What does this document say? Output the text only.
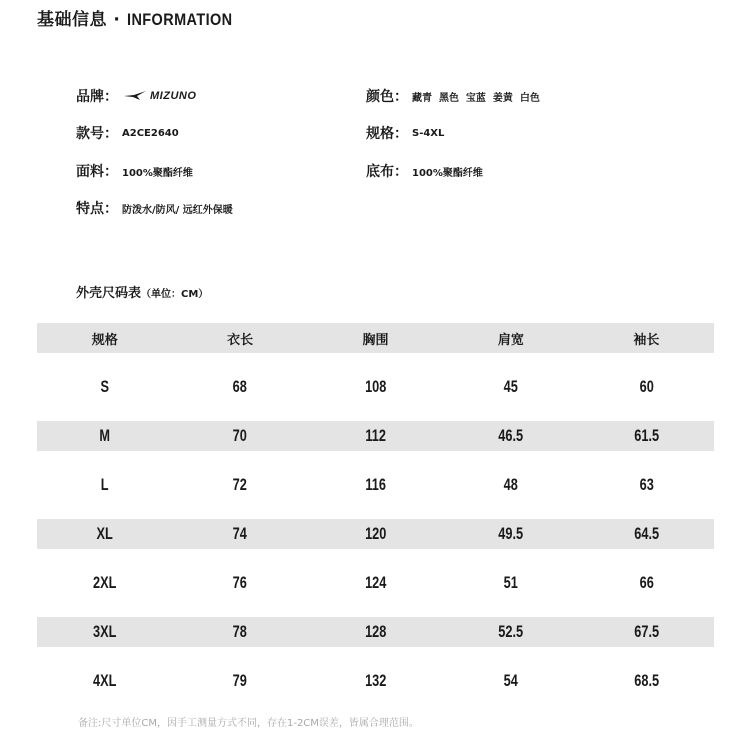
基础信息 · INFORMATION
品牌：	MIZUNO	颜色： 藏青  黑色  宝蓝  姜黄  白色
款号： A2CE2640	规格： S-4XL
面料： 100%聚酯纤维	底布： 100%聚酯纤维
特点： 防泼水/防风/ 远红外保暖
外壳尺码表（单位：CM）
规格	衣长	胸围	肩宽	袖长
S	68	108	45	60
M	70	112	46.5	61.5
L	72	116	48	63
XL	74	120	49.5	64.5
2XL	76	124	51	66
3XL	78	128	52.5	67.5
4XL	79	132	54	68.5
备注:尺寸单位CM，因手工测量方式不同，存在1-2CM误差，皆属合理范围。
